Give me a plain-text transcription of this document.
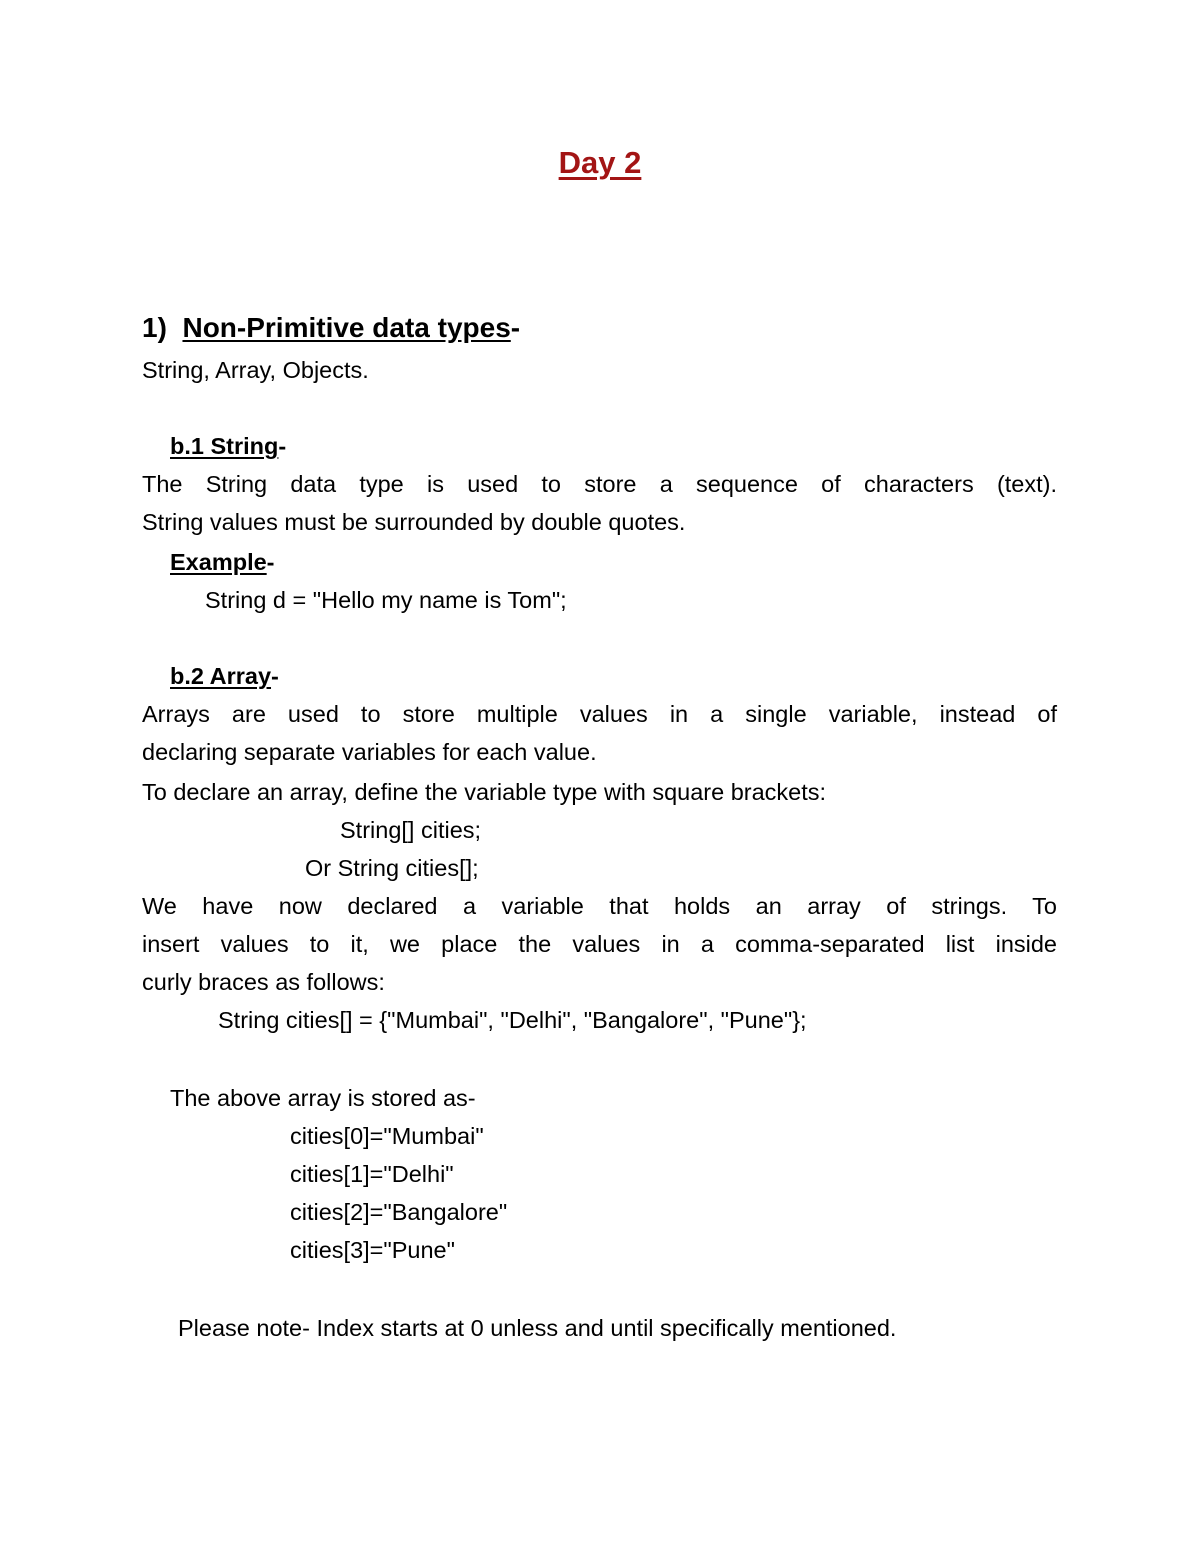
Day 2
1) Non-Primitive data types-
String, Array, Objects.
b.1 String-
The String data type is used to store a sequence of characters (text).
String values must be surrounded by double quotes.
Example-
String d = "Hello my name is Tom";
b.2 Array-
Arrays are used to store multiple values in a single variable, instead of
declaring separate variables for each value.
To declare an array, define the variable type with square brackets:
String[] cities;
Or String cities[];
We have now declared a variable that holds an array of strings. To
insert values to it, we place the values in a comma-separated list inside
curly braces as follows:
String cities[] = {"Mumbai", "Delhi", "Bangalore", "Pune"};
The above array is stored as-
cities[0]="Mumbai"
cities[1]="Delhi"
cities[2]="Bangalore"
cities[3]="Pune"
Please note- Index starts at 0 unless and until specifically mentioned.
